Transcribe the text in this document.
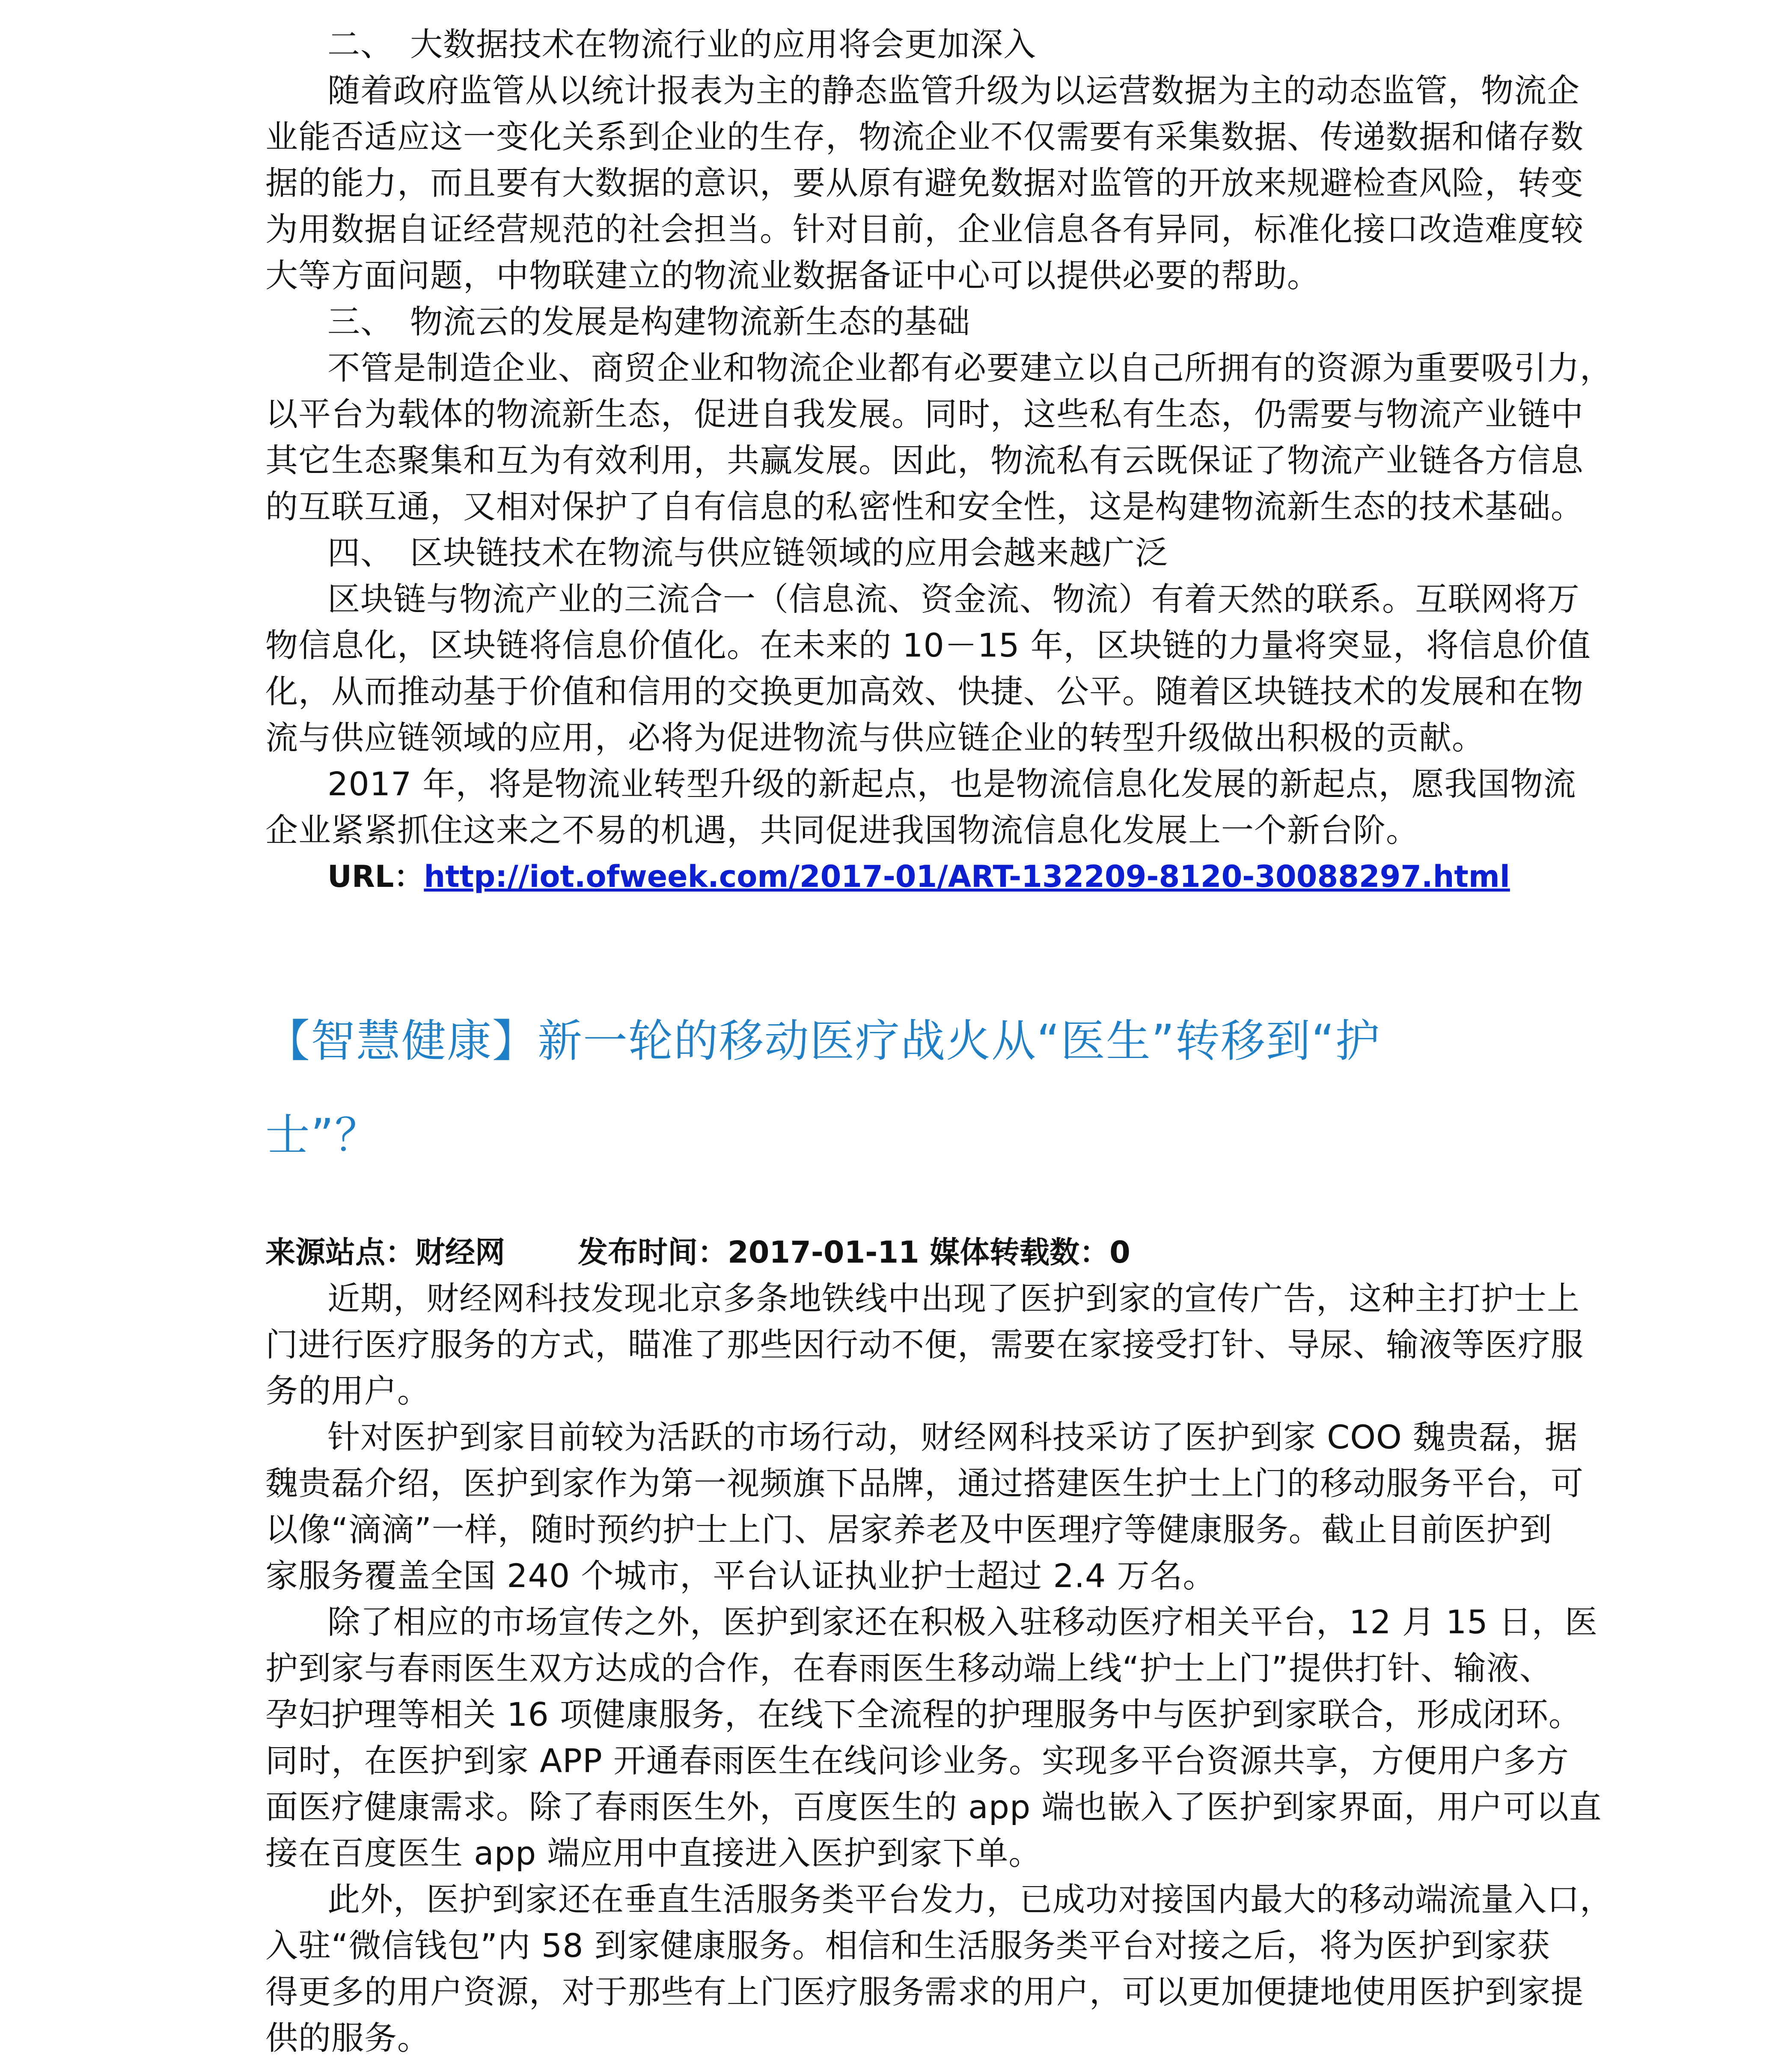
二、　大数据技术在物流行业的应用将会更加深入
随着政府监管从以统计报表为主的静态监管升级为以运营数据为主的动态监管，物流企
业能否适应这一变化关系到企业的生存，物流企业不仅需要有采集数据、传递数据和储存数
据的能力，而且要有大数据的意识，要从原有避免数据对监管的开放来规避检查风险，转变
为用数据自证经营规范的社会担当。针对目前，企业信息各有异同，标准化接口改造难度较
大等方面问题，中物联建立的物流业数据备证中心可以提供必要的帮助。
三、　物流云的发展是构建物流新生态的基础
不管是制造企业、商贸企业和物流企业都有必要建立以自己所拥有的资源为重要吸引力，
以平台为载体的物流新生态，促进自我发展。同时，这些私有生态，仍需要与物流产业链中
其它生态聚集和互为有效利用，共赢发展。因此，物流私有云既保证了物流产业链各方信息
的互联互通，又相对保护了自有信息的私密性和安全性，这是构建物流新生态的技术基础。
四、　区块链技术在物流与供应链领域的应用会越来越广泛
区块链与物流产业的三流合一（信息流、资金流、物流）有着天然的联系。互联网将万
物信息化，区块链将信息价值化。在未来的 10－15 年，区块链的力量将突显，将信息价值
化，从而推动基于价值和信用的交换更加高效、快捷、公平。随着区块链技术的发展和在物
流与供应链领域的应用，必将为促进物流与供应链企业的转型升级做出积极的贡献。
2017 年，将是物流业转型升级的新起点，也是物流信息化发展的新起点，愿我国物流
企业紧紧抓住这来之不易的机遇，共同促进我国物流信息化发展上一个新台阶。
URL：http://iot.ofweek.com/2017-01/ART-132209-8120-30088297.html
【智慧健康】新一轮的移动医疗战火从“医生”转移到“护
士”？
来源站点：财经网 发布时间：2017-01-11 媒体转载数：0
近期，财经网科技发现北京多条地铁线中出现了医护到家的宣传广告，这种主打护士上
门进行医疗服务的方式，瞄准了那些因行动不便，需要在家接受打针、导尿、输液等医疗服
务的用户。
针对医护到家目前较为活跃的市场行动，财经网科技采访了医护到家 COO 魏贵磊，据
魏贵磊介绍，医护到家作为第一视频旗下品牌，通过搭建医生护士上门的移动服务平台，可
以像“滴滴”一样，随时预约护士上门、居家养老及中医理疗等健康服务。截止目前医护到
家服务覆盖全国 240 个城市，平台认证执业护士超过 2.4 万名。
除了相应的市场宣传之外，医护到家还在积极入驻移动医疗相关平台，12 月 15 日，医
护到家与春雨医生双方达成的合作，在春雨医生移动端上线“护士上门”提供打针、输液、
孕妇护理等相关 16 项健康服务，在线下全流程的护理服务中与医护到家联合，形成闭环。
同时，在医护到家 APP 开通春雨医生在线问诊业务。实现多平台资源共享，方便用户多方
面医疗健康需求。除了春雨医生外，百度医生的 app 端也嵌入了医护到家界面，用户可以直
接在百度医生 app 端应用中直接进入医护到家下单。
此外，医护到家还在垂直生活服务类平台发力，已成功对接国内最大的移动端流量入口，
入驻“微信钱包”内 58 到家健康服务。相信和生活服务类平台对接之后，将为医护到家获
得更多的用户资源，对于那些有上门医疗服务需求的用户，可以更加便捷地使用医护到家提
供的服务。
